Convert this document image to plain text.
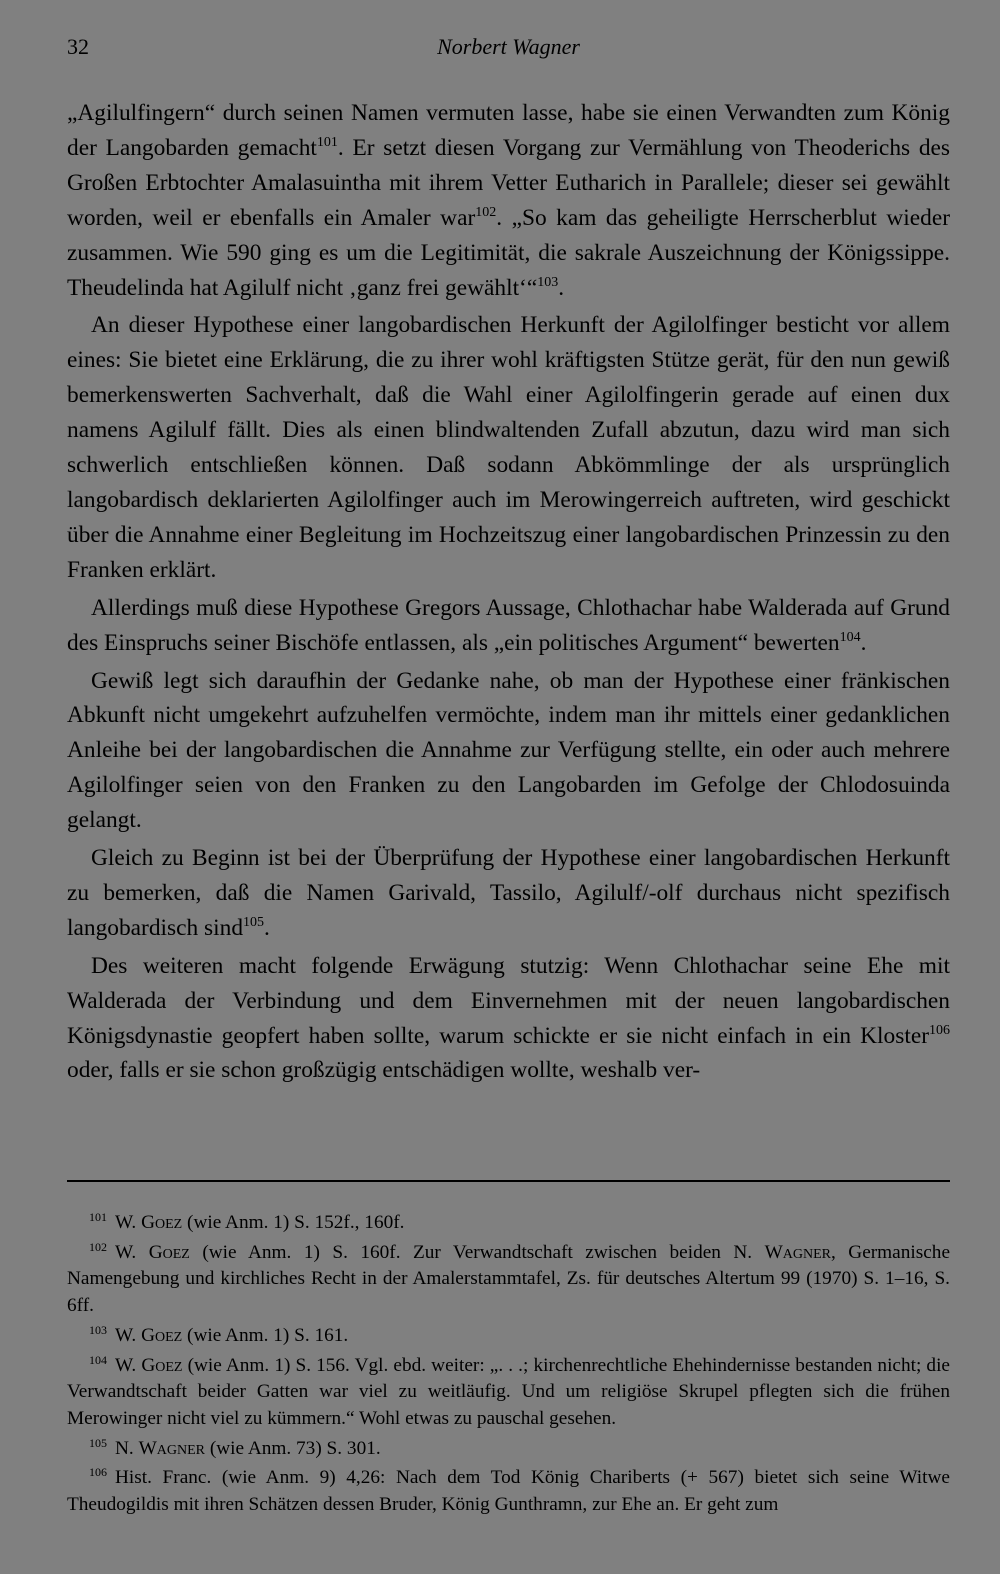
32	Norbert Wagner

„Agilulfingern“ durch seinen Namen vermuten lasse, habe sie einen Verwandten zum König der Langobarden gemacht$^{101}$. Er setzt diesen Vorgang zur Vermählung von Theoderichs des Großen Erbtochter Amalasuintha mit ihrem Vetter Eutharich in Parallele; dieser sei gewählt worden, weil er ebenfalls ein Amaler war$^{102}$. „So kam das geheiligte Herrscherblut wieder zusammen. Wie 590 ging es um die Legitimität, die sakrale Auszeichnung der Königssippe. Theudelinda hat Agilulf nicht ‚ganz frei gewählt‘“$^{103}$.

An dieser Hypothese einer langobardischen Herkunft der Agilolfinger besticht vor allem eines: Sie bietet eine Erklärung, die zu ihrer wohl kräftigsten Stütze gerät, für den nun gewiß bemerkenswerten Sachverhalt, daß die Wahl einer Agilolfingerin gerade auf einen dux namens Agilulf fällt. Dies als einen blindwaltenden Zufall abzutun, dazu wird man sich schwerlich entschließen können. Daß sodann Abkömmlinge der als ursprünglich langobardisch deklarierten Agilolfinger auch im Merowingerreich auftreten, wird geschickt über die Annahme einer Begleitung im Hochzeitszug einer langobardischen Prinzessin zu den Franken erklärt.

Allerdings muß diese Hypothese Gregors Aussage, Chlothachar habe Walderada auf Grund des Einspruchs seiner Bischöfe entlassen, als „ein politisches Argument“ bewerten$^{104}$.

Gewiß legt sich daraufhin der Gedanke nahe, ob man der Hypothese einer fränkischen Abkunft nicht umgekehrt aufzuhelfen vermöchte, indem man ihr mittels einer gedanklichen Anleihe bei der langobardischen die Annahme zur Verfügung stellte, ein oder auch mehrere Agilolfinger seien von den Franken zu den Langobarden im Gefolge der Chlodosuinda gelangt.

Gleich zu Beginn ist bei der Überprüfung der Hypothese einer langobardischen Herkunft zu bemerken, daß die Namen Garivald, Tassilo, Agilulf/-olf durchaus nicht spezifisch langobardisch sind$^{105}$.

Des weiteren macht folgende Erwägung stutzig: Wenn Chlothachar seine Ehe mit Walderada der Verbindung und dem Einvernehmen mit der neuen langobardischen Königsdynastie geopfert haben sollte, warum schickte er sie nicht einfach in ein Kloster$^{106}$ oder, falls er sie schon großzügig entschädigen wollte, weshalb ver-

$^{101}$ W. Goez (wie Anm. 1) S. 152f., 160f.

$^{102}$ W. Goez (wie Anm. 1) S. 160f. Zur Verwandtschaft zwischen beiden N. Wagner, Germanische Namengebung und kirchliches Recht in der Amalerstammtafel, Zs. für deutsches Altertum 99 (1970) S. 1–16, S. 6ff.

$^{103}$ W. Goez (wie Anm. 1) S. 161.

$^{104}$ W. Goez (wie Anm. 1) S. 156. Vgl. ebd. weiter: „. . .; kirchenrechtliche Ehehindernisse bestanden nicht; die Verwandtschaft beider Gatten war viel zu weitläufig. Und um religiöse Skrupel pflegten sich die frühen Merowinger nicht viel zu kümmern.“ Wohl etwas zu pauschal gesehen.

$^{105}$ N. Wagner (wie Anm. 73) S. 301.

$^{106}$ Hist. Franc. (wie Anm. 9) 4,26: Nach dem Tod König Chariberts (+ 567) bietet sich seine Witwe Theudogildis mit ihren Schätzen dessen Bruder, König Gunthramn, zur Ehe an. Er geht zum
